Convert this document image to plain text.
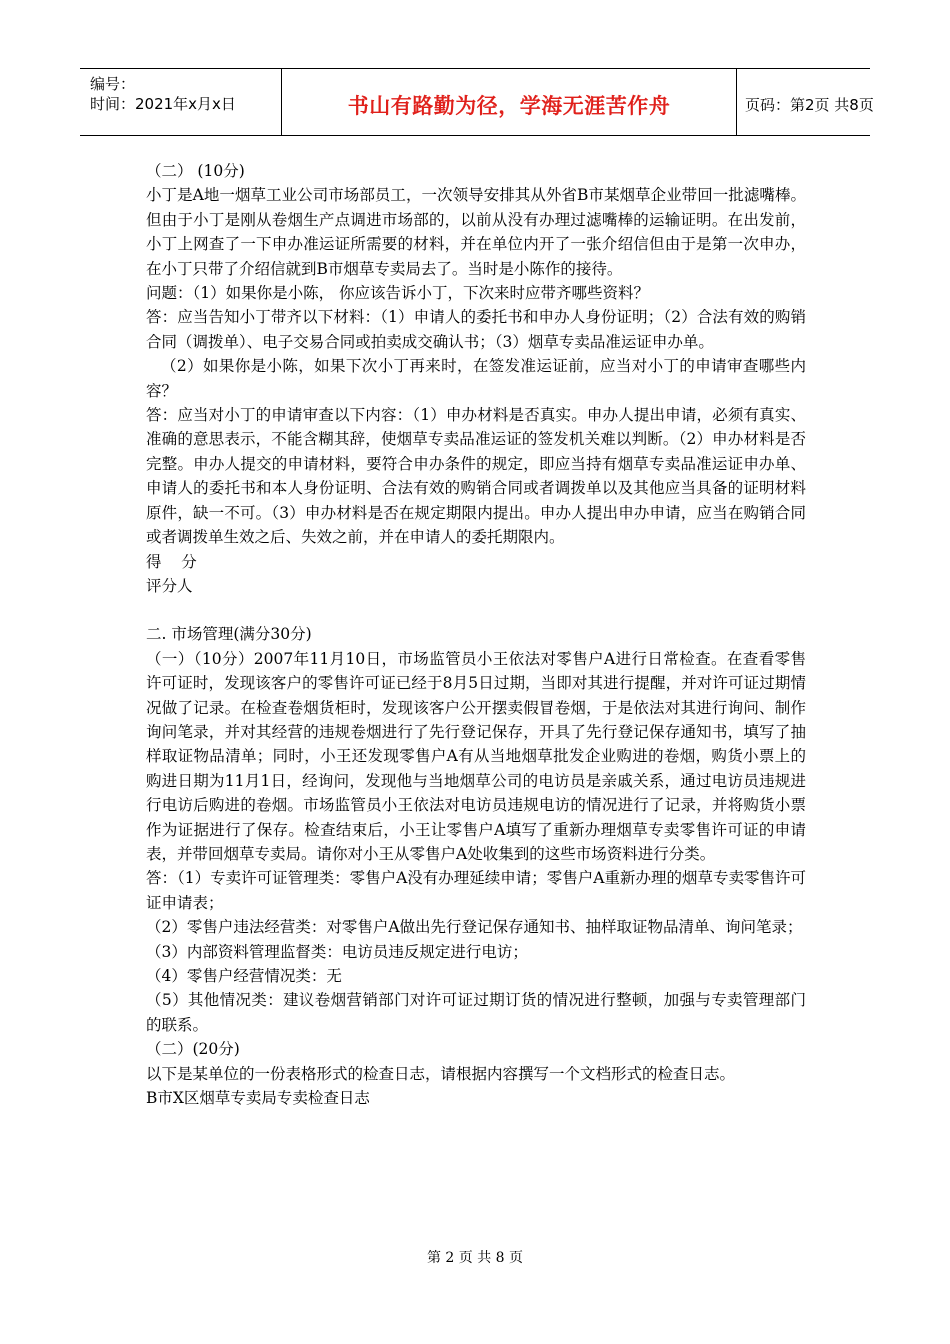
编号：
时间：2021年x月x日	书山有路勤为径，学海无涯苦作舟	页码：第2页 共8页

（二） (10分)

小丁是A地一烟草工业公司市场部员工，一次领导安排其从外省B市某烟草企业带回一批滤嘴棒。但由于小丁是刚从卷烟生产点调进市场部的，以前从没有办理过滤嘴棒的运输证明。在出发前，小丁上网查了一下申办准运证所需要的材料，并在单位内开了一张介绍信但由于是第一次申办，在小丁只带了介绍信就到B市烟草专卖局去了。当时是小陈作的接待。

问题：（1）如果你是小陈， 你应该告诉小丁，下次来时应带齐哪些资料？

答：应当告知小丁带齐以下材料：（1）申请人的委托书和申办人身份证明；（2）合法有效的购销合同（调拨单）、电子交易合同或拍卖成交确认书；（3）烟草专卖品准运证申办单。

（2）如果你是小陈，如果下次小丁再来时，在签发准运证前，应当对小丁的申请审查哪些内容？

答：应当对小丁的申请审查以下内容：（1）申办材料是否真实。申办人提出申请，必须有真实、准确的意思表示，不能含糊其辞，使烟草专卖品准运证的签发机关难以判断。（2）申办材料是否完整。申办人提交的申请材料，要符合申办条件的规定，即应当持有烟草专卖品准运证申办单、申请人的委托书和本人身份证明、合法有效的购销合同或者调拨单以及其他应当具备的证明材料原件，缺一不可。（3）申办材料是否在规定期限内提出。申办人提出申办申请，应当在购销合同或者调拨单生效之后、失效之前，并在申请人的委托期限内。

得    分

评分人

二. 市场管理(满分30分)

（一）（10分）2007年11月10日，市场监管员小王依法对零售户A进行日常检查。在查看零售许可证时，发现该客户的零售许可证已经于8月5日过期，当即对其进行提醒，并对许可证过期情况做了记录。在检查卷烟货柜时，发现该客户公开摆卖假冒卷烟，于是依法对其进行询问、制作询问笔录，并对其经营的违规卷烟进行了先行登记保存，开具了先行登记保存通知书，填写了抽样取证物品清单；同时，小王还发现零售户A有从当地烟草批发企业购进的卷烟，购货小票上的购进日期为11月1日，经询问，发现他与当地烟草公司的电访员是亲戚关系，通过电访员违规进行电访后购进的卷烟。市场监管员小王依法对电访员违规电访的情况进行了记录，并将购货小票作为证据进行了保存。检查结束后，小王让零售户A填写了重新办理烟草专卖零售许可证的申请表，并带回烟草专卖局。请你对小王从零售户A处收集到的这些市场资料进行分类。

答：（1）专卖许可证管理类：零售户A没有办理延续申请；零售户A重新办理的烟草专卖零售许可证申请表；

（2）零售户违法经营类：对零售户A做出先行登记保存通知书、抽样取证物品清单、询问笔录；

（3）内部资料管理监督类：电访员违反规定进行电访；

（4）零售户经营情况类：无

（5）其他情况类：建议卷烟营销部门对许可证过期订货的情况进行整顿，加强与专卖管理部门的联系。

（二）(20分)

以下是某单位的一份表格形式的检查日志，请根据内容撰写一个文档形式的检查日志。

B市X区烟草专卖局专卖检查日志

第 2 页 共 8 页
